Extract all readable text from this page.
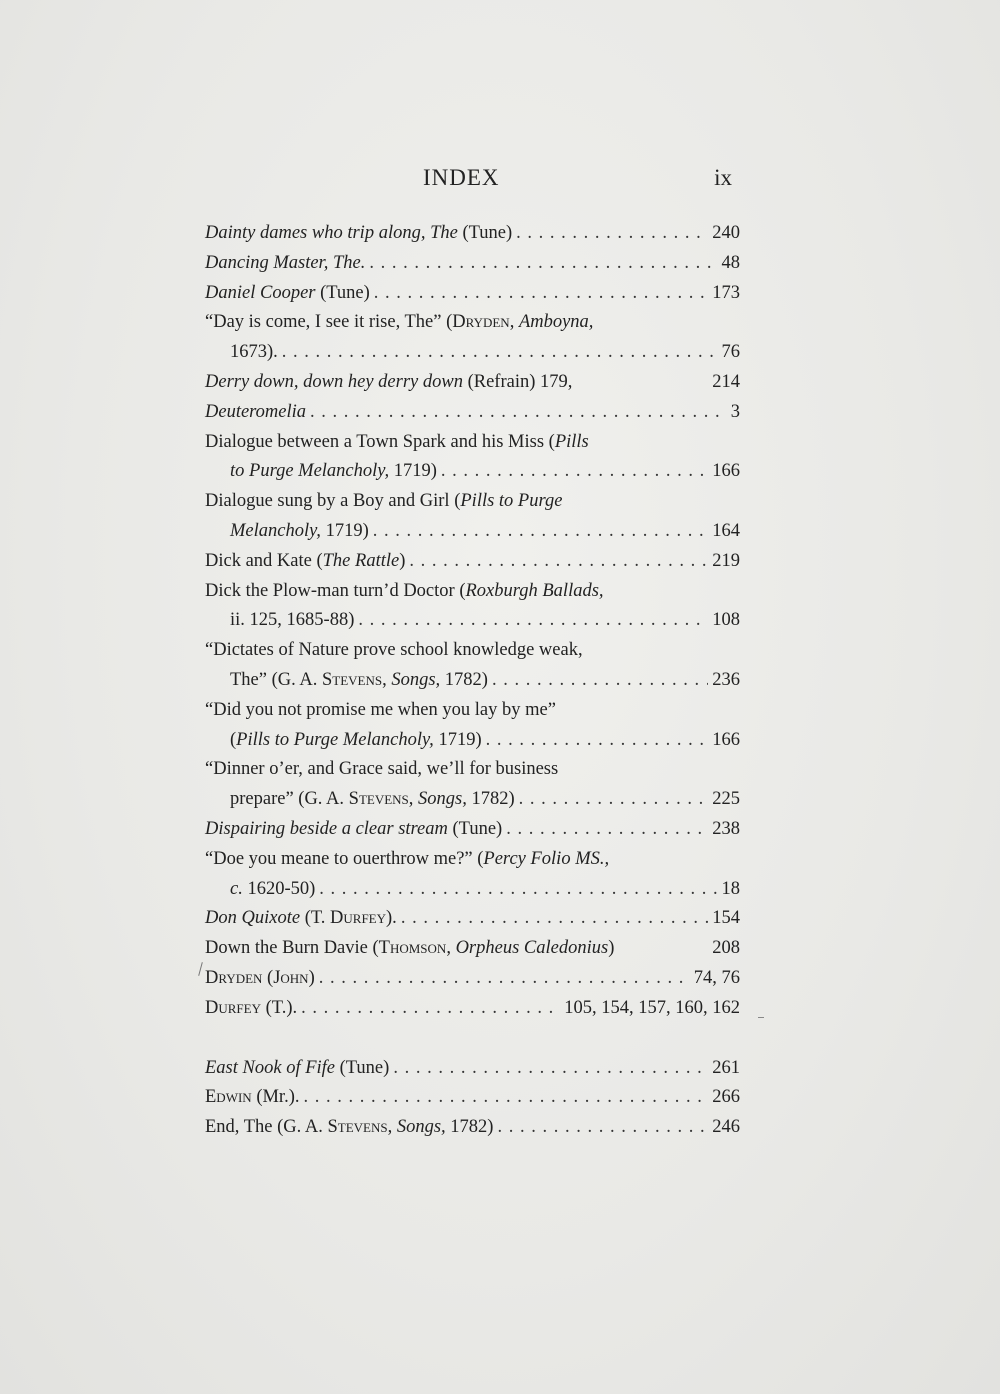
INDEX	ix
Dainty dames who trip along, The (Tune) . . .	240
Dancing Master, The. . . .	48
Daniel Cooper (Tune) . . .	173
“Day is come, I see it rise, The” (Dryden, Amboyna,
1673). . . .	76
Derry down, down hey derry down (Refrain) 179,	214
Deuteromelia . . .	3
Dialogue between a Town Spark and his Miss (Pills
to Purge Melancholy, 1719) . . .	166
Dialogue sung by a Boy and Girl (Pills to Purge
Melancholy, 1719) . . .	164
Dick and Kate (The Rattle) . . .	219
Dick the Plow-man turn’d Doctor (Roxburgh Ballads,
ii. 125, 1685-88) . . .	108
“Dictates of Nature prove school knowledge weak,
The” (G. A. Stevens, Songs, 1782) . . .	236
“Did you not promise me when you lay by me”
(Pills to Purge Melancholy, 1719) . . .	166
“Dinner o’er, and Grace said, we’ll for business
prepare” (G. A. Stevens, Songs, 1782) . . .	225
Dispairing beside a clear stream (Tune) . . .	238
“Doe you meane to ouerthrow me?” (Percy Folio MS.,
c. 1620-50) . . .	18
Don Quixote (T. Durfey). . . .	154
Down the Burn Davie (Thomson, Orpheus Caledonius)	208
Dryden (John) . . .	74, 76
Durfey (T.). . . .	105, 154, 157, 160, 162
East Nook of Fife (Tune) . . .	261
Edwin (Mr.). . . .	266
End, The (G. A. Stevens, Songs, 1782) . . .	246
